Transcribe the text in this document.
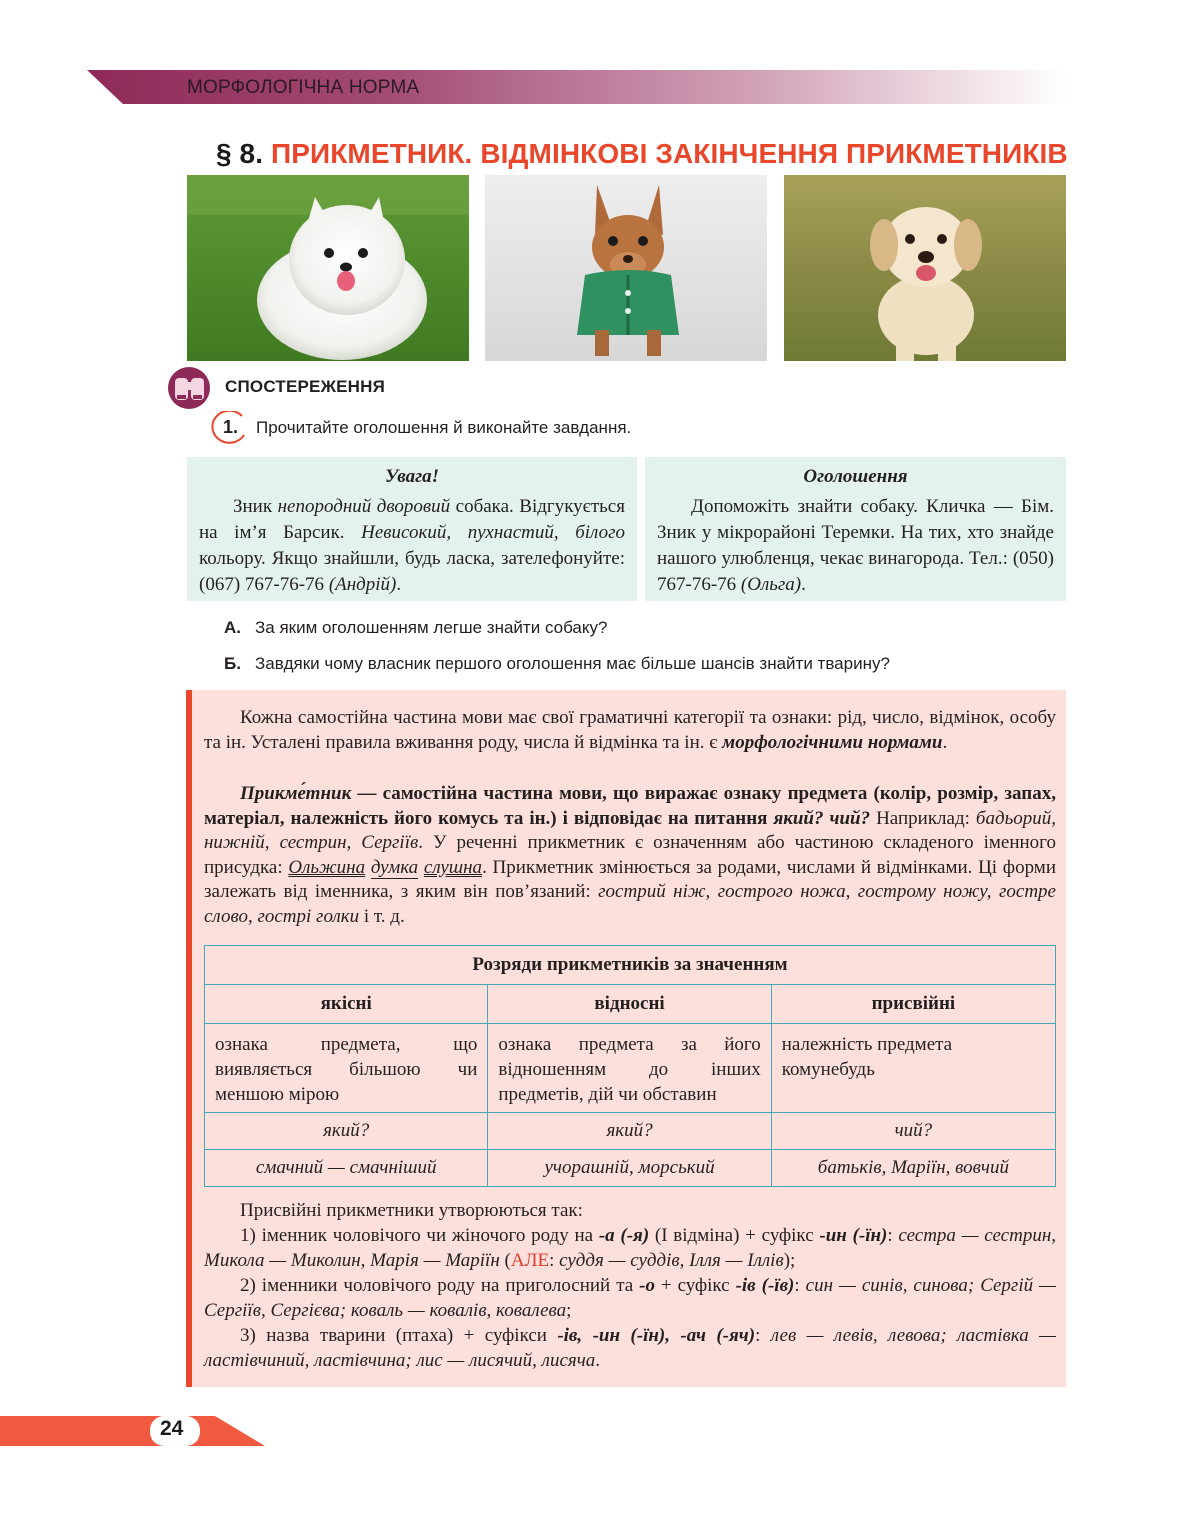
МОРФОЛОГІЧНА НОРМА
§ 8. ПРИКМЕТНИК. ВІДМІНКОВІ ЗАКІНЧЕННЯ ПРИКМЕТНИКІВ
СПОСТЕРЕЖЕННЯ
1. Прочитайте оголошення й виконайте завдання.
Увага!
Зник непородний дворовий собака. Відгукується на ім’я Барсик. Невисокий, пухнастий, білого кольору. Якщо знайшли, будь ласка, зателефонуйте: (067) 767-76-76 (Андрій).
Оголошення
Допоможіть знайти собаку. Кличка — Бім. Зник у мікрорайоні Теремки. На тих, хто знайде нашого улюбленця, чекає винагорода. Тел.: (050) 767-76-76 (Ольга).
А. За яким оголошенням легше знайти собаку?
Б. Завдяки чому власник першого оголошення має більше шансів знайти тварину?
Кожна самостійна частина мови має свої граматичні категорії та ознаки: рід, число, відмінок, особу та ін. Усталені правила вживання роду, числа й відмінка та ін. є морфологічними нормами.
Прикме́тник — самостійна частина мови, що виражає ознаку предмета (колір, розмір, запах, матеріал, належність його комусь та ін.) і відповідає на питання який? чий? Наприклад: бадьорий, нижній, сестрин, Сергіїв. У реченні прикметник є означенням або частиною складеного іменного присудка: Ольжина думка слушна. Прикметник змінюється за родами, числами й відмінками. Ці форми залежать від іменника, з яким він пов’язаний: гострий ніж, гострого ножа, гострому ножу, гостре слово, гострі голки і т. д.
Розряди прикметників за значенням		
якісні	відносні	присвійні
ознака предмета, що виявляється більшою чи меншою мірою	ознака предмета за його відношенням до інших предметів, дій чи обставин	належність предмета комунебудь
який?	який?	чий?
смачний — смачніший	учорашній, морський	батьків, Маріїн, вовчий
Присвійні прикметники утворюються так:
1) іменник чоловічого чи жіночого роду на -а (-я) (І відміна) + суфікс -ин (-їн): сестра — сестрин, Микола — Миколин, Марія — Маріїн (АЛЕ: суддя — суддів, Ілля — Іллів);
2) іменники чоловічого роду на приголосний та -о + суфікс -ів (-їв): син — синів, синова; Сергій — Сергіїв, Сергієва; коваль — ковалів, ковалева;
3) назва тварини (птаха) + суфікси -ів, -ин (-їн), -ач (-яч): лев — левів, левова; ластівка — ластівчиний, ластівчина; лис — лисячий, лисяча.
24
